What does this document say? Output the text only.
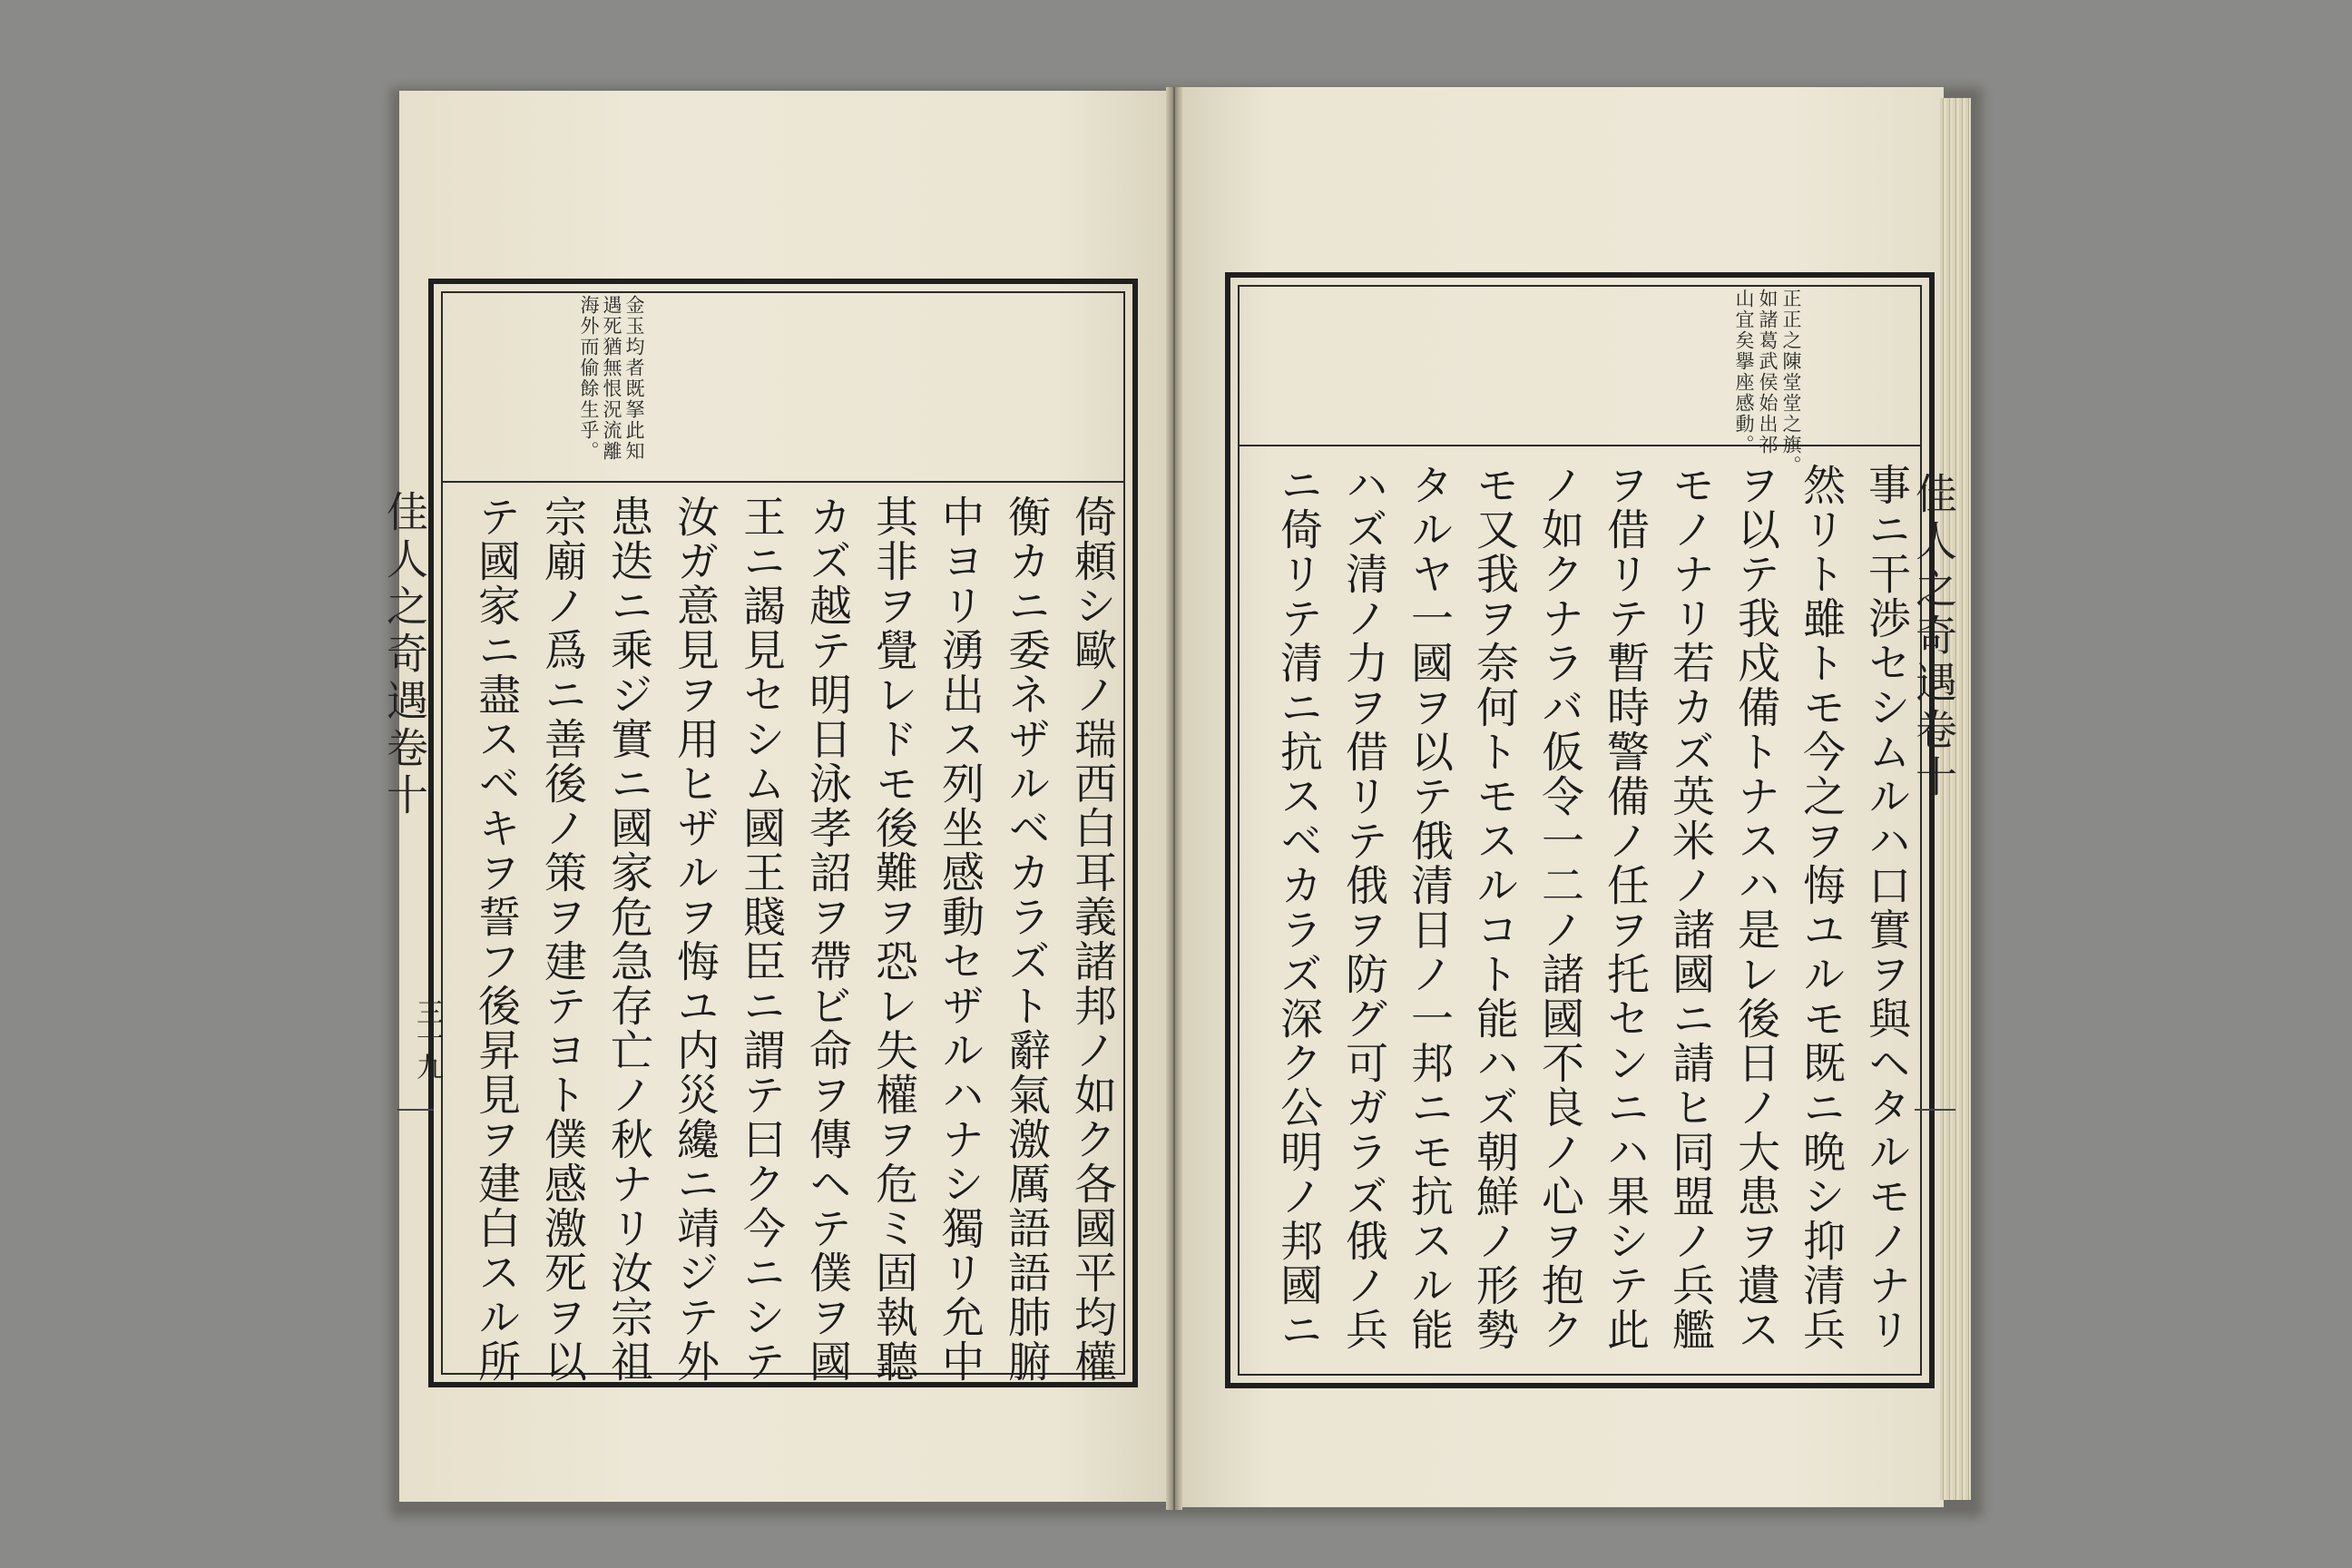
佳人之奇遇卷十
三十九
金玉均者既拏此知
遇死猶無恨況流離
海外而偷餘生乎。
倚頼シ歐ノ瑞西白耳義諸邦ノ如ク各國平均權
衡カニ委ネザルベカラズト辭氣激厲語語肺腑
中ヨリ湧出ス列坐感動セザルハナシ獨リ允中
其非ヲ覺レドモ後難ヲ恐レ失權ヲ危ミ固執聽
カズ越テ明日泳孝詔ヲ帶ビ命ヲ傳ヘテ僕ヲ國
王ニ謁見セシム國王賤臣ニ謂テ曰ク今ニシテ
汝ガ意見ヲ用ヒザルヲ悔ユ内災纔ニ靖ジテ外
患迭ニ乘ジ實ニ國家危急存亡ノ秋ナリ汝宗祖
宗廟ノ爲ニ善後ノ策ヲ建テヨト僕感激死ヲ以
テ國家ニ盡スベキヲ誓フ後昇見ヲ建白スル所	佳人之奇遇卷十
正正之陳堂堂之旗。
如諸葛武侯始出祁
山宜矣擧座感動。
事ニ干渉セシムルハ口實ヲ與ヘタルモノナリ
然リト雖トモ今之ヲ悔ユルモ既ニ晩シ抑清兵
ヲ以テ我戍備トナスハ是レ後日ノ大患ヲ遺ス
モノナリ若カズ英米ノ諸國ニ請ヒ同盟ノ兵艦
ヲ借リテ暫時警備ノ任ヲ托センニハ果シテ此
ノ如クナラバ仮令一二ノ諸國不良ノ心ヲ抱ク
モ又我ヲ奈何トモスルコト能ハズ朝鮮ノ形勢
タルヤ一國ヲ以テ俄清日ノ一邦ニモ抗スル能
ハズ清ノ力ヲ借リテ俄ヲ防グ可ガラズ俄ノ兵
ニ倚リテ清ニ抗スベカラズ深ク公明ノ邦國ニ
